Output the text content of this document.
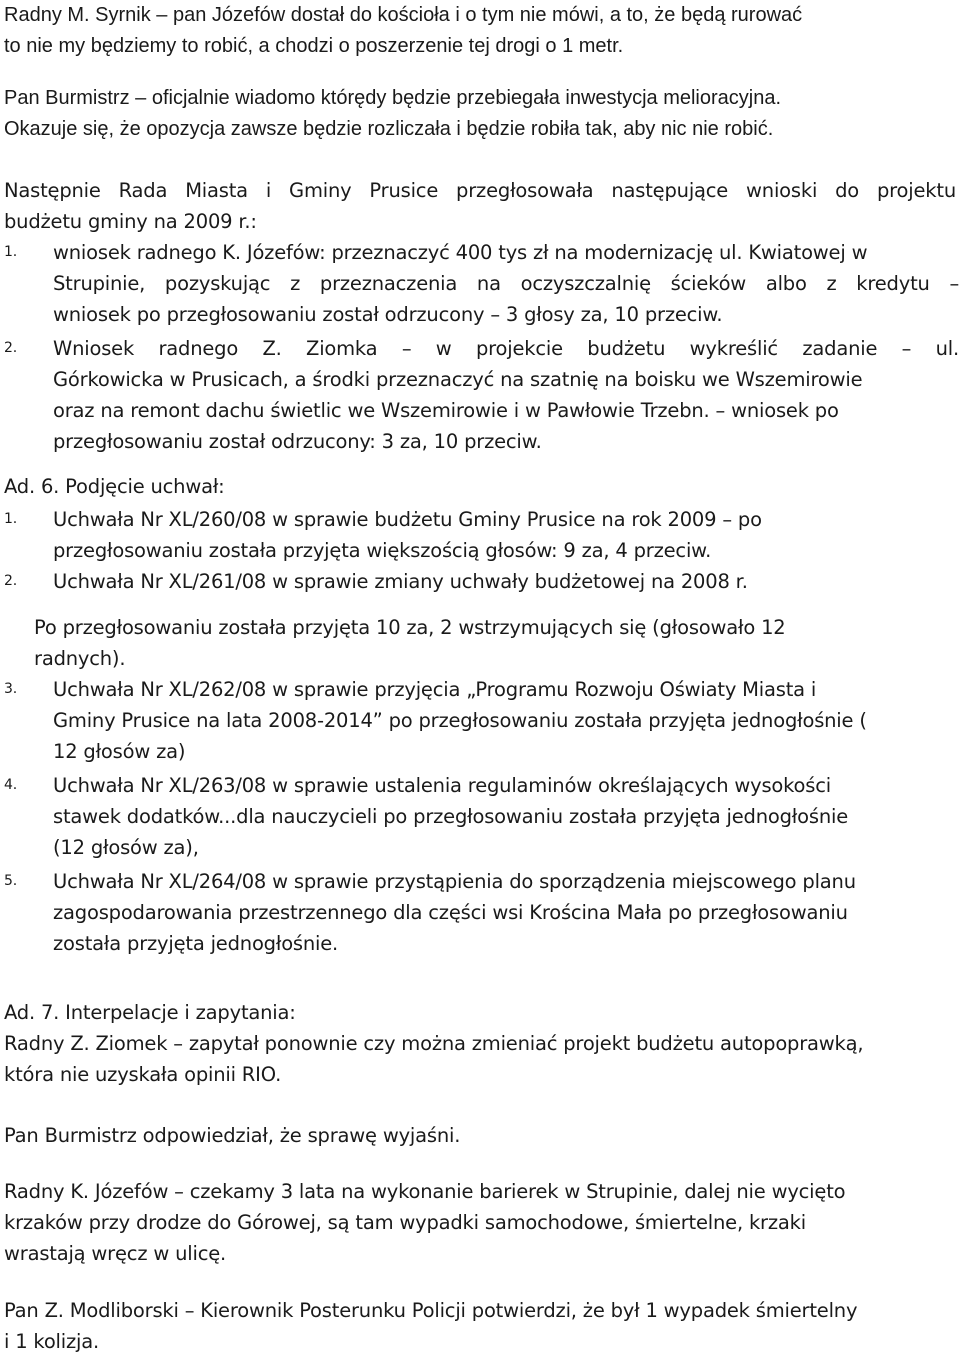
Radny M. Syrnik – pan Józefów dostał do kościoła i o tym nie mówi, a to, że będą rurować
to nie my będziemy to robić, a chodzi o poszerzenie tej drogi o 1 metr.
Pan Burmistrz – oficjalnie wiadomo którędy będzie przebiegała inwestycja melioracyjna.
Okazuje się, że opozycja zawsze będzie rozliczała i będzie robiła tak, aby nic nie robić.
Następnie Rada Miasta i Gminy Prusice przegłosowała następujące wnioski do projektu
budżetu gminy na 2009 r.:
1. wniosek radnego K. Józefów: przeznaczyć 400 tys zł na modernizację ul. Kwiatowej w
Strupinie, pozyskując z przeznaczenia na oczyszczalnię ścieków albo z kredytu –
wniosek po przegłosowaniu został odrzucony – 3 głosy za, 10 przeciw.
2. Wniosek radnego Z. Ziomka – w projekcie budżetu wykreślić zadanie – ul.
Górkowicka w Prusicach, a środki przeznaczyć na szatnię na boisku we Wszemirowie
oraz na remont dachu świetlic we Wszemirowie i w Pawłowie Trzebn. – wniosek po
przegłosowaniu został odrzucony: 3 za, 10 przeciw.
Ad. 6. Podjęcie uchwał:
1. Uchwała Nr XL/260/08 w sprawie budżetu Gminy Prusice na rok 2009 – po
przegłosowaniu została przyjęta większością głosów: 9 za, 4 przeciw.
2. Uchwała Nr XL/261/08 w sprawie zmiany uchwały budżetowej na 2008 r.
Po przegłosowaniu została przyjęta 10 za, 2 wstrzymujących się (głosowało 12
radnych).
3. Uchwała Nr XL/262/08 w sprawie przyjęcia „Programu Rozwoju Oświaty Miasta i
Gminy Prusice na lata 2008-2014” po przegłosowaniu została przyjęta jednogłośnie (
12 głosów za)
4. Uchwała Nr XL/263/08 w sprawie ustalenia regulaminów określających wysokości
stawek dodatków...dla nauczycieli po przegłosowaniu została przyjęta jednogłośnie
(12 głosów za),
5. Uchwała Nr XL/264/08 w sprawie przystąpienia do sporządzenia miejscowego planu
zagospodarowania przestrzennego dla części wsi Krościna Mała po przegłosowaniu
została przyjęta jednogłośnie.
Ad. 7. Interpelacje i zapytania:
Radny Z. Ziomek – zapytał ponownie czy można zmieniać projekt budżetu autopoprawką,
która nie uzyskała opinii RIO.
Pan Burmistrz odpowiedział, że sprawę wyjaśni.
Radny K. Józefów – czekamy 3 lata na wykonanie barierek w Strupinie, dalej nie wycięto
krzaków przy drodze do Górowej, są tam wypadki samochodowe, śmiertelne, krzaki
wrastają wręcz w ulicę.
Pan Z. Modliborski – Kierownik Posterunku Policji potwierdzi, że był 1 wypadek śmiertelny
i 1 kolizja.
